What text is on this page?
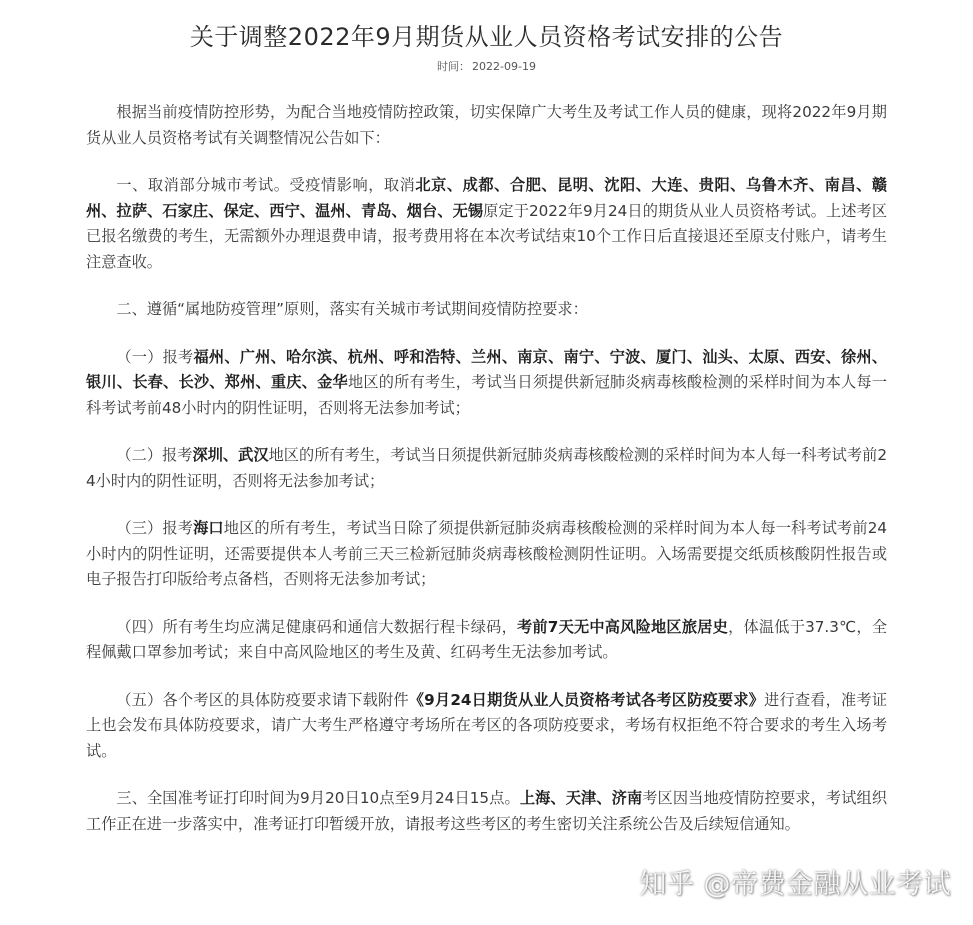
关于调整2022年9月期货从业人员资格考试安排的公告
时间： 2022-09-19

根据当前疫情防控形势，为配合当地疫情防控政策，切实保障广大考生及考试工作人员的健康，现将2022年9月期货从业人员资格考试有关调整情况公告如下：

一、取消部分城市考试。受疫情影响，取消北京、成都、合肥、昆明、沈阳、大连、贵阳、乌鲁木齐、南昌、赣州、拉萨、石家庄、保定、西宁、温州、青岛、烟台、无锡原定于2022年9月24日的期货从业人员资格考试。上述考区已报名缴费的考生，无需额外办理退费申请，报考费用将在本次考试结束10个工作日后直接退还至原支付账户，请考生注意查收。

二、遵循“属地防疫管理”原则，落实有关城市考试期间疫情防控要求：

（一）报考福州、广州、哈尔滨、杭州、呼和浩特、兰州、南京、南宁、宁波、厦门、汕头、太原、西安、徐州、银川、长春、长沙、郑州、重庆、金华地区的所有考生，考试当日须提供新冠肺炎病毒核酸检测的采样时间为本人每一科考试考前48小时内的阴性证明，否则将无法参加考试；

（二）报考深圳、武汉地区的所有考生，考试当日须提供新冠肺炎病毒核酸检测的采样时间为本人每一科考试考前24小时内的阴性证明，否则将无法参加考试；

（三）报考海口地区的所有考生，考试当日除了须提供新冠肺炎病毒核酸检测的采样时间为本人每一科考试考前24小时内的阴性证明，还需要提供本人考前三天三检新冠肺炎病毒核酸检测阴性证明。入场需要提交纸质核酸阴性报告或电子报告打印版给考点备档，否则将无法参加考试；

（四）所有考生均应满足健康码和通信大数据行程卡绿码，考前7天无中高风险地区旅居史，体温低于37.3℃，全程佩戴口罩参加考试；来自中高风险地区的考生及黄、红码考生无法参加考试。

（五）各个考区的具体防疫要求请下载附件《9月24日期货从业人员资格考试各考区防疫要求》进行查看，准考证上也会发布具体防疫要求，请广大考生严格遵守考场所在考区的各项防疫要求，考场有权拒绝不符合要求的考生入场考试。

三、全国准考证打印时间为9月20日10点至9月24日15点。上海、天津、济南考区因当地疫情防控要求，考试组织工作正在进一步落实中，准考证打印暂缓开放，请报考这些考区的考生密切关注系统公告及后续短信通知。

知乎 @帝费金融从业考试
